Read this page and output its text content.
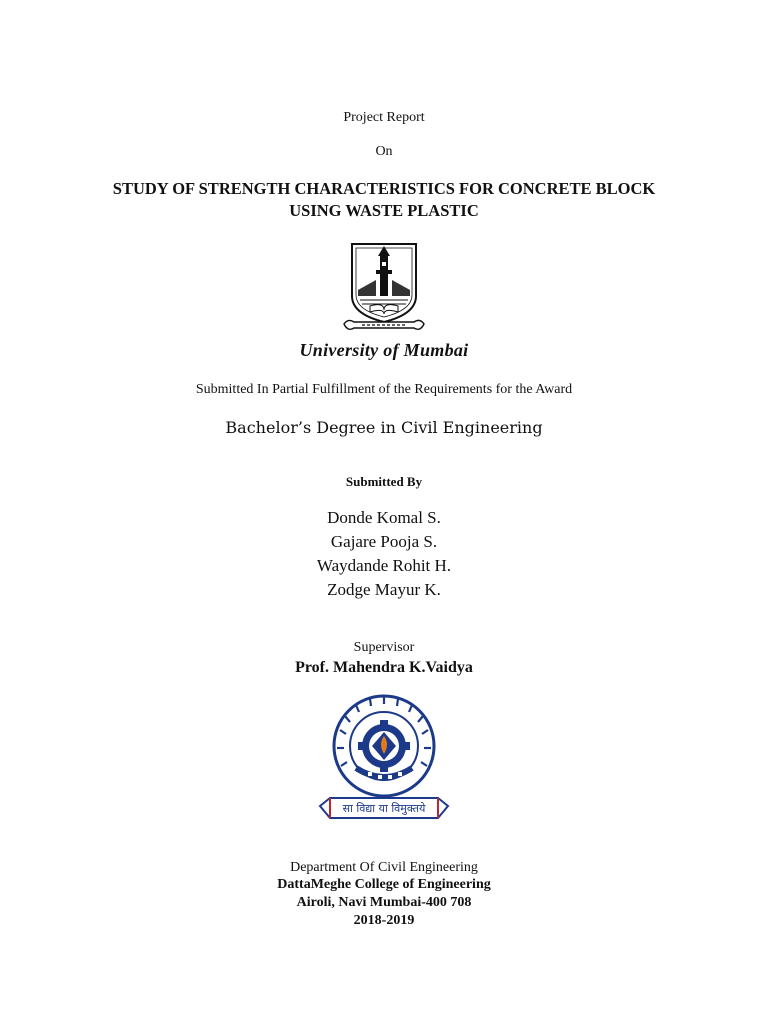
Project Report
On
STUDY OF STRENGTH CHARACTERISTICS FOR CONCRETE BLOCK
USING WASTE PLASTIC
University of Mumbai
Submitted In Partial Fulfillment of the Requirements for the Award
Bachelor’s Degree in Civil Engineering
Submitted By
Donde Komal S.
Gajare Pooja S.
Waydande Rohit H.
Zodge Mayur K.
Supervisor
Prof. Mahendra K.Vaidya
सा विद्या या विमुक्तये
Department Of Civil Engineering
DattaMeghe College of Engineering
Airoli, Navi Mumbai-400 708
2018-2019
